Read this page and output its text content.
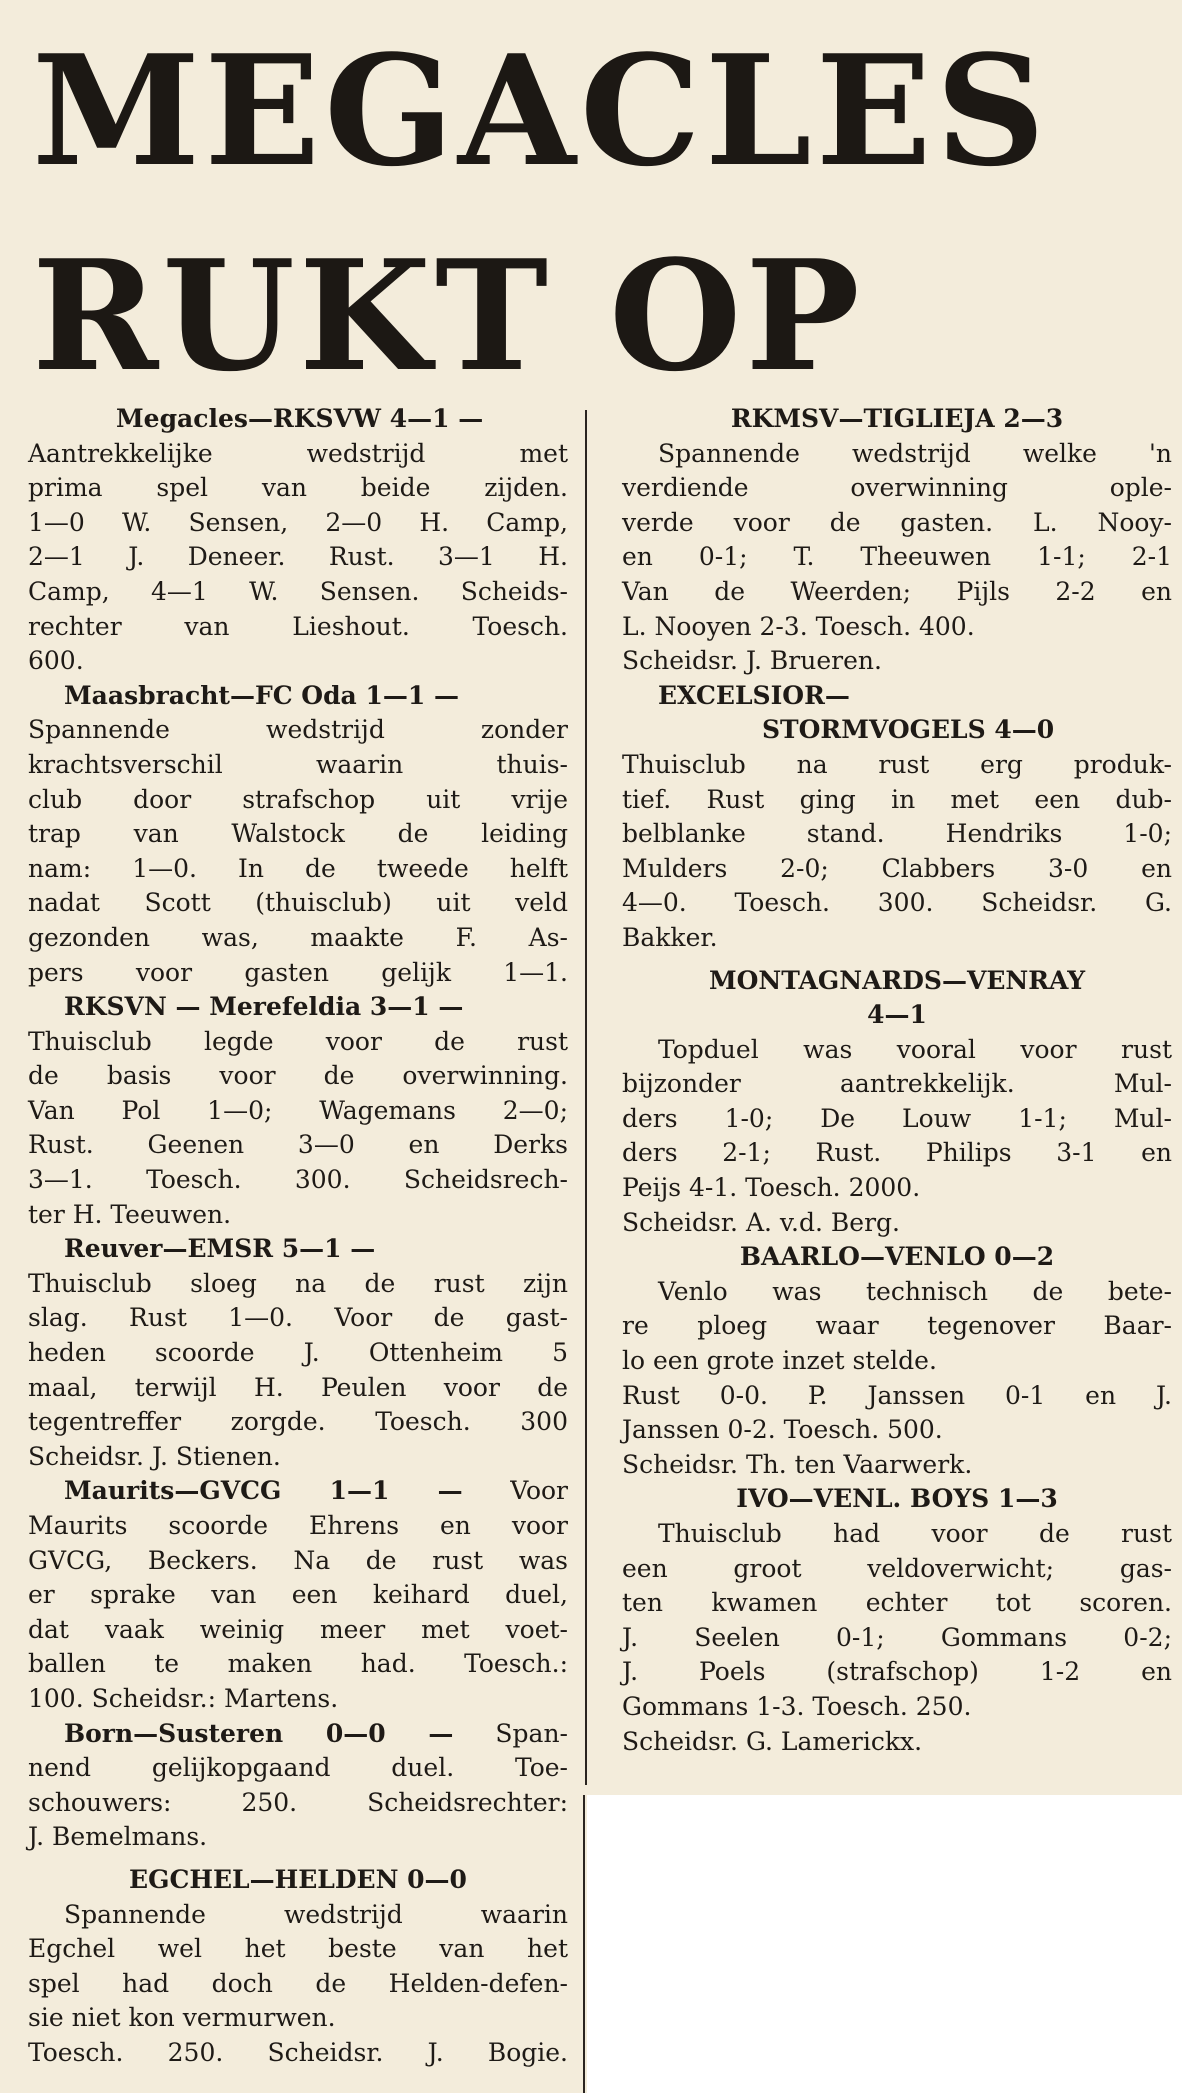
MEGACLES
RUKT OP

Megacles—RKSVW 4—1 —

Aantrekkelijke wedstrijd met

prima spel van beide zijden.

1—0 W. Sensen, 2—0 H. Camp,

2—1 J. Deneer. Rust. 3—1 H.

Camp, 4—1 W. Sensen. Scheids-

rechter van Lieshout. Toesch.

600.

Maasbracht—FC Oda 1—1 —

Spannende wedstrijd zonder

krachtsverschil waarin thuis-

club door strafschop uit vrije

trap van Walstock de leiding

nam: 1—0. In de tweede helft

nadat Scott (thuisclub) uit veld

gezonden was, maakte F. As-

pers voor gasten gelijk 1—1.

RKSVN — Merefeldia 3—1 —

Thuisclub legde voor de rust

de basis voor de overwinning.

Van Pol 1—0; Wagemans 2—0;

Rust. Geenen 3—0 en Derks

3—1. Toesch. 300. Scheidsrech-

ter H. Teeuwen.

Reuver—EMSR 5—1 —

Thuisclub sloeg na de rust zijn

slag. Rust 1—0. Voor de gast-

heden scoorde J. Ottenheim 5

maal, terwijl H. Peulen voor de

tegentreffer zorgde. Toesch. 300

Scheidsr. J. Stienen.

Maurits—GVCG 1—1 — Voor

Maurits scoorde Ehrens en voor

GVCG, Beckers. Na de rust was

er sprake van een keihard duel,

dat vaak weinig meer met voet-

ballen te maken had. Toesch.:

100. Scheidsr.: Martens.

Born—Susteren 0—0 — Span-

nend gelijkopgaand duel. Toe-

schouwers: 250. Scheidsrechter:

J. Bemelmans.

EGCHEL—HELDEN 0—0

Spannende wedstrijd waarin

Egchel wel het beste van het

spel had doch de Helden-defen-

sie niet kon vermurwen.

Toesch. 250. Scheidsr. J. Bogie.

RKMSV—TIGLIEJA 2—3

Spannende wedstrijd welke 'n

verdiende overwinning ople-

verde voor de gasten. L. Nooy-

en 0-1; T. Theeuwen 1-1; 2-1

Van de Weerden; Pijls 2-2 en

L. Nooyen 2-3. Toesch. 400.

Scheidsr. J. Brueren.

EXCELSIOR—

STORMVOGELS 4—0

Thuisclub na rust erg produk-

tief. Rust ging in met een dub-

belblanke stand. Hendriks 1-0;

Mulders 2-0; Clabbers 3-0 en

4—0. Toesch. 300. Scheidsr. G.

Bakker.

MONTAGNARDS—VENRAY

4—1

Topduel was vooral voor rust

bijzonder aantrekkelijk. Mul-

ders 1-0; De Louw 1-1; Mul-

ders 2-1; Rust. Philips 3-1 en

Peijs 4-1. Toesch. 2000.

Scheidsr. A. v.d. Berg.

BAARLO—VENLO 0—2

Venlo was technisch de bete-

re ploeg waar tegenover Baar-

lo een grote inzet stelde.

Rust 0-0. P. Janssen 0-1 en J.

Janssen 0-2. Toesch. 500.

Scheidsr. Th. ten Vaarwerk.

IVO—VENL. BOYS 1—3

Thuisclub had voor de rust

een groot veldoverwicht; gas-

ten kwamen echter tot scoren.

J. Seelen 0-1; Gommans 0-2;

J. Poels (strafschop) 1-2 en

Gommans 1-3. Toesch. 250.

Scheidsr. G. Lamerickx.
